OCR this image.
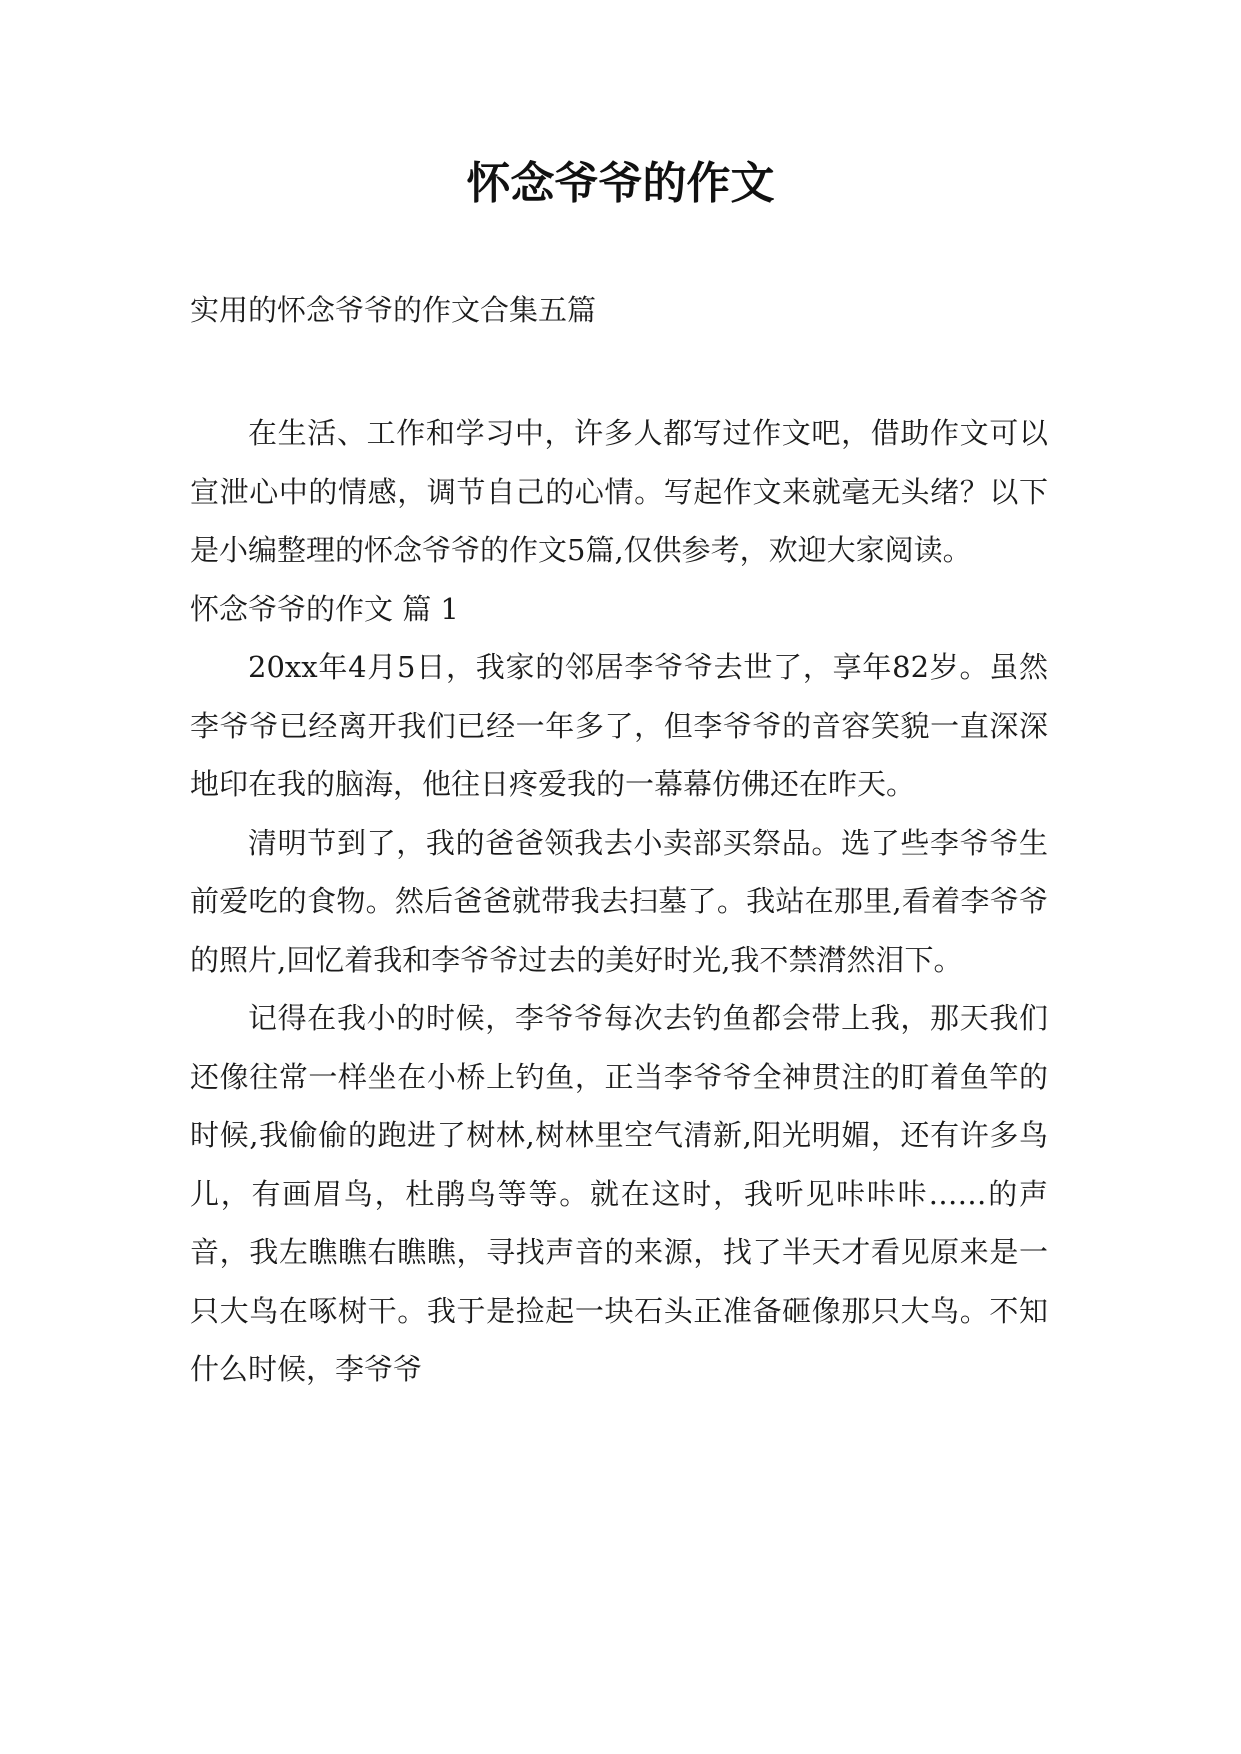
怀念爷爷的作文

实用的怀念爷爷的作文合集五篇

在生活、工作和学习中，许多人都写过作文吧，借助作文可以宣泄心中的情感，调节自己的心情。写起作文来就毫无头绪？以下是小编整理的怀念爷爷的作文5篇,仅供参考，欢迎大家阅读。

怀念爷爷的作文 篇 1

20xx年4月5日，我家的邻居李爷爷去世了，享年82岁。虽然李爷爷已经离开我们已经一年多了，但李爷爷的音容笑貌一直深深地印在我的脑海，他往日疼爱我的一幕幕仿佛还在昨天。

清明节到了，我的爸爸领我去小卖部买祭品。选了些李爷爷生前爱吃的食物。然后爸爸就带我去扫墓了。我站在那里,看着李爷爷的照片,回忆着我和李爷爷过去的美好时光,我不禁潸然泪下。

记得在我小的时候，李爷爷每次去钓鱼都会带上我，那天我们还像往常一样坐在小桥上钓鱼，正当李爷爷全神贯注的盯着鱼竿的时候,我偷偷的跑进了树林,树林里空气清新,阳光明媚，还有许多鸟儿，有画眉鸟，杜鹃鸟等等。就在这时，我听见咔咔咔……的声音，我左瞧瞧右瞧瞧，寻找声音的来源，找了半天才看见原来是一只大鸟在啄树干。我于是捡起一块石头正准备砸像那只大鸟。不知什么时候，李爷爷
